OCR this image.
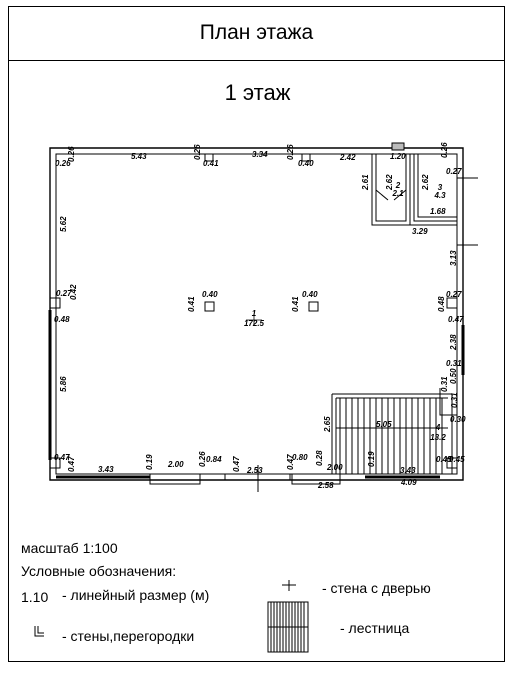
План этажа
1 этаж
1
172.5
2
2.1
3
4.3
4
13.2
0.26
0.26	5.43	0.26
0.41
3.34 0.26
0.40
2.42	1.20	0.26
0.27
2.61 2.62	2.62
1.68
3.29
5.62
3.13
0.27
0.42
0.48
0.41
0.40
0.41
0.40	0.27
0.48
0.47
2.38
0.31
0.50
0.31
0.31
0.30
5.86
2.65	5.05
0.47
0.47	3.43	0.19 2.00 0.26 0.84 0.47 2.53
0.47
0.80 0.28
2.00
0.19
3.43
0.45
0.45
2.58	4.09
масштаб 1:100
Условные обозначения:
1.10 - линейный размер (м)
- стены,перегородки
- стена с дверью
- лестница
